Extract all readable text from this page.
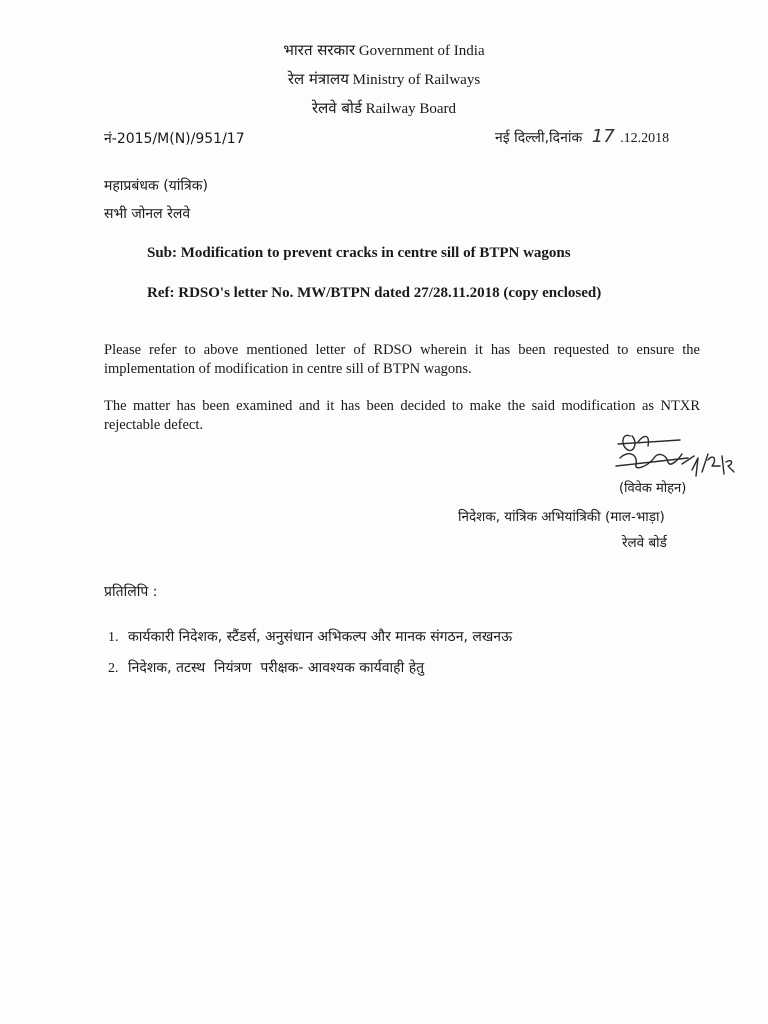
भारत सरकार Government of India
रेल मंत्रालय Ministry of Railways
रेलवे बोर्ड Railway Board
नं-2015/M(N)/951/17	नई दिल्ली,दिनांक 17 .12.2018
महाप्रबंधक (यांत्रिक)
सभी जोनल रेलवे
Sub: Modification to prevent cracks in centre sill of BTPN wagons
Ref: RDSO's letter No. MW/BTPN dated 27/28.11.2018 (copy enclosed)
Please refer to above mentioned letter of RDSO wherein it has been requested to ensure the implementation of modification in centre sill of BTPN wagons.
The matter has been examined and it has been decided to make the said modification as NTXR rejectable defect.
(विवेक मोहन)
निदेशक, यांत्रिक अभियांत्रिकी (माल-भाड़ा)
रेलवे बोर्ड
प्रतिलिपि :
1. कार्यकारी निदेशक, स्टैंडर्स, अनुसंधान अभिकल्प और मानक संगठन, लखनऊ
2. निदेशक, तटस्थ  नियंत्रण  परीक्षक- आवश्यक कार्यवाही हेतु
